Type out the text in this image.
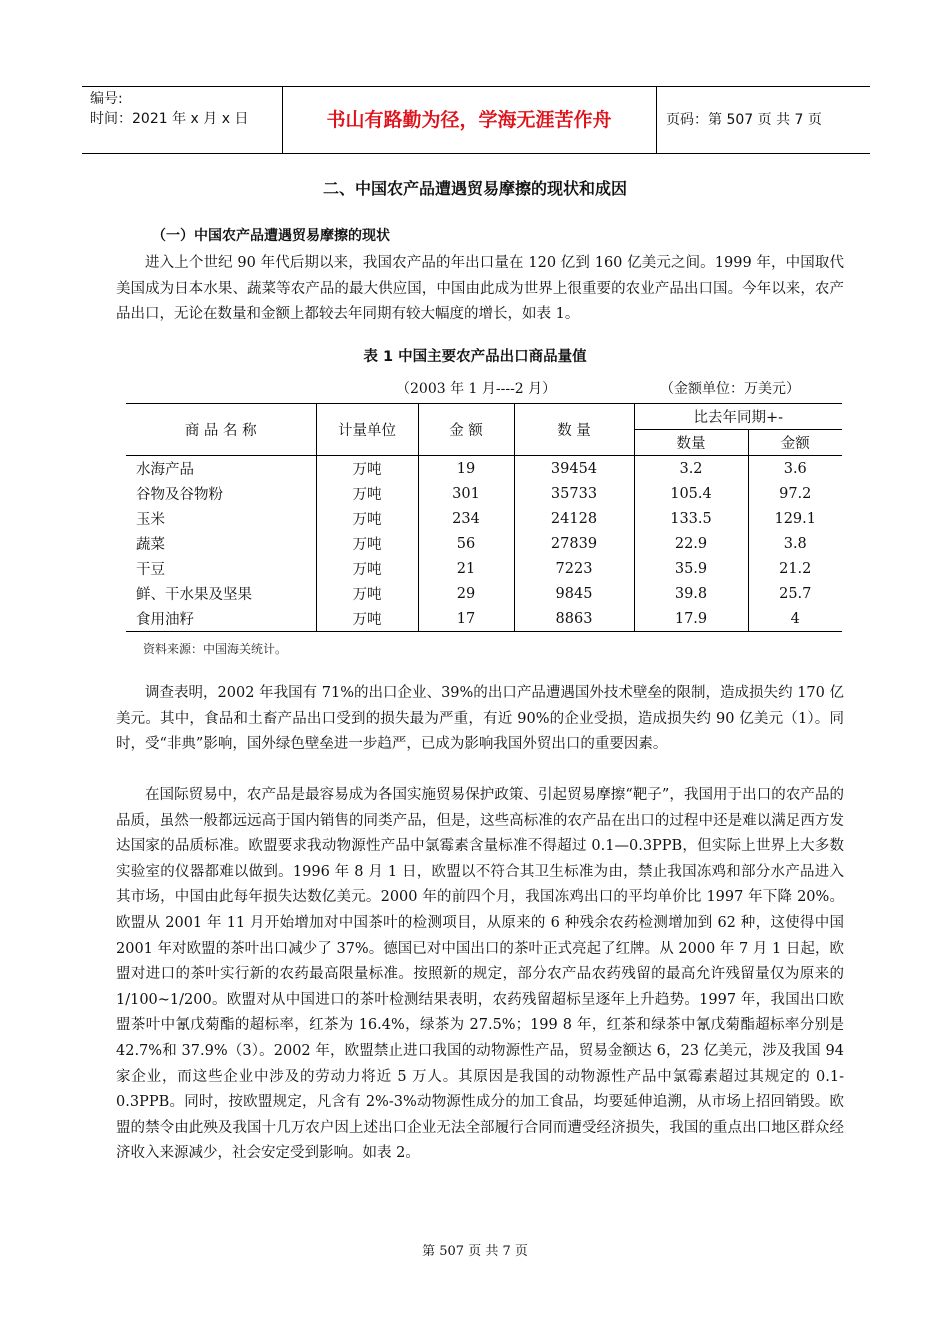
编号:
时间：2021 年 x 月 x 日	书山有路勤为径，学海无涯苦作舟	页码：第 507 页 共 7 页
二、中国农产品遭遇贸易摩擦的现状和成因
（一）中国农产品遭遇贸易摩擦的现状

进入上个世纪 90 年代后期以来，我国农产品的年出口量在 120 亿到 160 亿美元之间。1999 年，中国取代美国成为日本水果、蔬菜等农产品的最大供应国，中国由此成为世界上很重要的农业产品出口国。今年以来，农产品出口，无论在数量和金额上都较去年同期有较大幅度的增长，如表 1。

表 1 中国主要农产品出口商品量值
（2003 年 1 月----2 月）	（金额单位：万美元）
商 品 名 称	计量单位	金 额	数 量	比去年同期+-	
				数量	金额
水海产品	万吨	19	39454	3.2	3.6
谷物及谷物粉	万吨	301	35733	105.4	97.2
玉米	万吨	234	24128	133.5	129.1
蔬菜	万吨	56	27839	22.9	3.8
干豆	万吨	21	7223	35.9	21.2
鲜、干水果及坚果	万吨	29	9845	39.8	25.7
食用油籽	万吨	17	8863	17.9	4
资料来源：中国海关统计。

调查表明，2002 年我国有 71%的出口企业、39%的出口产品遭遇国外技术壁垒的限制，造成损失约 170 亿美元。其中，食品和土畜产品出口受到的损失最为严重，有近 90%的企业受损，造成损失约 90 亿美元（1）。同时，受“非典”影响，国外绿色壁垒进一步趋严，已成为影响我国外贸出口的重要因素。

在国际贸易中，农产品是最容易成为各国实施贸易保护政策、引起贸易摩擦“靶子”，我国用于出口的农产品的品质，虽然一般都远远高于国内销售的同类产品，但是，这些高标准的农产品在出口的过程中还是难以满足西方发达国家的品质标准。欧盟要求我动物源性产品中氯霉素含量标准不得超过 0.1—0.3PPB，但实际上世界上大多数实验室的仪器都难以做到。1996 年 8 月 1 日，欧盟以不符合其卫生标准为由，禁止我国冻鸡和部分水产品进入其市场，中国由此每年损失达数亿美元。2000 年的前四个月，我国冻鸡出口的平均单价比 1997 年下降 20%。欧盟从 2001 年 11 月开始增加对中国茶叶的检测项目，从原来的 6 种残余农药检测增加到 62 种，这使得中国 2001 年对欧盟的茶叶出口减少了 37%。德国已对中国出口的茶叶正式亮起了红牌。从 2000 年 7 月 1 日起，欧盟对进口的茶叶实行新的农药最高限量标准。按照新的规定，部分农产品农药残留的最高允许残留量仅为原来的 1/100~1/200。欧盟对从中国进口的茶叶检测结果表明，农药残留超标呈逐年上升趋势。1997 年，我国出口欧盟茶叶中氰戊菊酯的超标率，红茶为 16.4%，绿茶为 27.5%；199 8 年，红茶和绿茶中氰戊菊酯超标率分别是 42.7%和 37.9%（3）。2002 年，欧盟禁止进口我国的动物源性产品，贸易金额达 6，23 亿美元，涉及我国 94 家企业，而这些企业中涉及的劳动力将近 5 万人。其原因是我国的动物源性产品中氯霉素超过其规定的 0.1-0.3PPB。同时，按欧盟规定，凡含有 2%-3%动物源性成分的加工食品，均要延伸追溯，从市场上招回销毁。欧盟的禁令由此殃及我国十几万农户因上述出口企业无法全部履行合同而遭受经济损失，我国的重点出口地区群众经济收入来源减少，社会安定受到影响。如表 2。

第 507 页 共 7 页
